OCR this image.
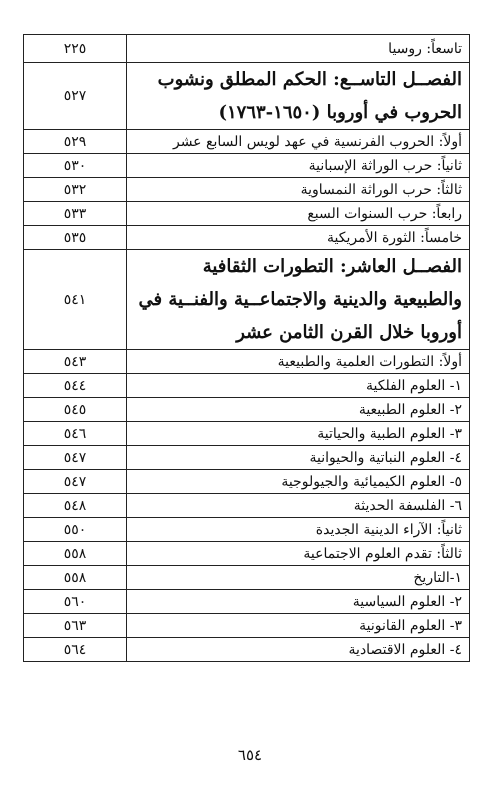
تاسعاً: روسيا	٢٢٥
الفصــل التاســع: الحكم المطلق ونشوب الحروب في أوروبا (١٦٥٠-١٧٦٣)	٥٢٧
أولاً: الحروب الفرنسية في عهد لويس السابع عشر	٥٢٩
ثانياً: حرب الوراثة الإسبانية	٥٣٠
ثالثاً: حرب الوراثة النمساوية	٥٣٢
رابعاً: حرب السنوات السبع	٥٣٣
خامساً: الثورة الأمريكية	٥٣٥
الفصــل العاشر: التطورات الثقافية والطبيعية والدينية والاجتماعــية والفنــية في أوروبا خلال القرن الثامن عشر	٥٤١
أولاً: التطورات العلمية والطبيعية	٥٤٣
١- العلوم الفلكية	٥٤٤
٢- العلوم الطبيعية	٥٤٥
٣- العلوم الطبية والحياتية	٥٤٦
٤- العلوم النباتية والحيوانية	٥٤٧
٥- العلوم الكيميائية والجيولوجية	٥٤٧
٦- الفلسفة الحديثة	٥٤٨
ثانياً: الآراء الدينية الجديدة	٥٥٠
ثالثاً: تقدم العلوم الاجتماعية	٥٥٨
١-التاريخ	٥٥٨
٢- العلوم السياسية	٥٦٠
٣- العلوم القانونية	٥٦٣
٤- العلوم الاقتصادية	٥٦٤
٦٥٤
